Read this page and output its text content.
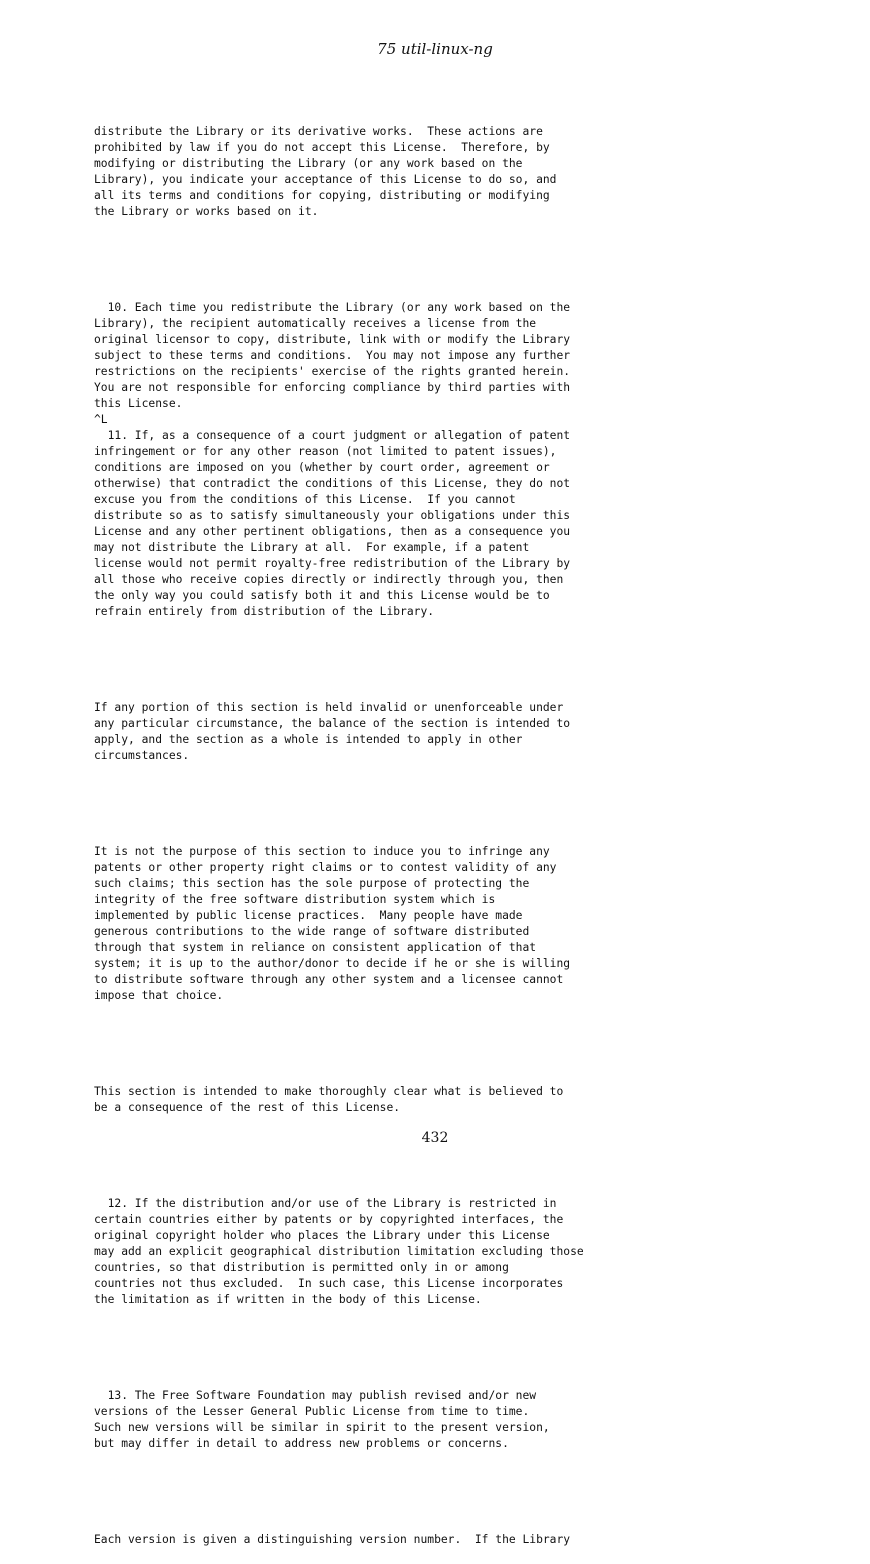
75 util-linux-ng

distribute the Library or its derivative works.  These actions are
prohibited by law if you do not accept this License.  Therefore, by
modifying or distributing the Library (or any work based on the
Library), you indicate your acceptance of this License to do so, and
all its terms and conditions for copying, distributing or modifying
the Library or works based on it.

10. Each time you redistribute the Library (or any work based on the
Library), the recipient automatically receives a license from the
original licensor to copy, distribute, link with or modify the Library
subject to these terms and conditions.  You may not impose any further
restrictions on the recipients' exercise of the rights granted herein.
You are not responsible for enforcing compliance by third parties with
this License.
^L
11. If, as a consequence of a court judgment or allegation of patent
infringement or for any other reason (not limited to patent issues),
conditions are imposed on you (whether by court order, agreement or
otherwise) that contradict the conditions of this License, they do not
excuse you from the conditions of this License.  If you cannot
distribute so as to satisfy simultaneously your obligations under this
License and any other pertinent obligations, then as a consequence you
may not distribute the Library at all.  For example, if a patent
license would not permit royalty-free redistribution of the Library by
all those who receive copies directly or indirectly through you, then
the only way you could satisfy both it and this License would be to
refrain entirely from distribution of the Library.

If any portion of this section is held invalid or unenforceable under
any particular circumstance, the balance of the section is intended to
apply, and the section as a whole is intended to apply in other
circumstances.

It is not the purpose of this section to induce you to infringe any
patents or other property right claims or to contest validity of any
such claims; this section has the sole purpose of protecting the
integrity of the free software distribution system which is
implemented by public license practices.  Many people have made
generous contributions to the wide range of software distributed
through that system in reliance on consistent application of that
system; it is up to the author/donor to decide if he or she is willing
to distribute software through any other system and a licensee cannot
impose that choice.

This section is intended to make thoroughly clear what is believed to
be a consequence of the rest of this License.

12. If the distribution and/or use of the Library is restricted in
certain countries either by patents or by copyrighted interfaces, the
original copyright holder who places the Library under this License
may add an explicit geographical distribution limitation excluding those
countries, so that distribution is permitted only in or among
countries not thus excluded.  In such case, this License incorporates
the limitation as if written in the body of this License.

13. The Free Software Foundation may publish revised and/or new
versions of the Lesser General Public License from time to time.
Such new versions will be similar in spirit to the present version,
but may differ in detail to address new problems or concerns.

Each version is given a distinguishing version number.  If the Library

432
